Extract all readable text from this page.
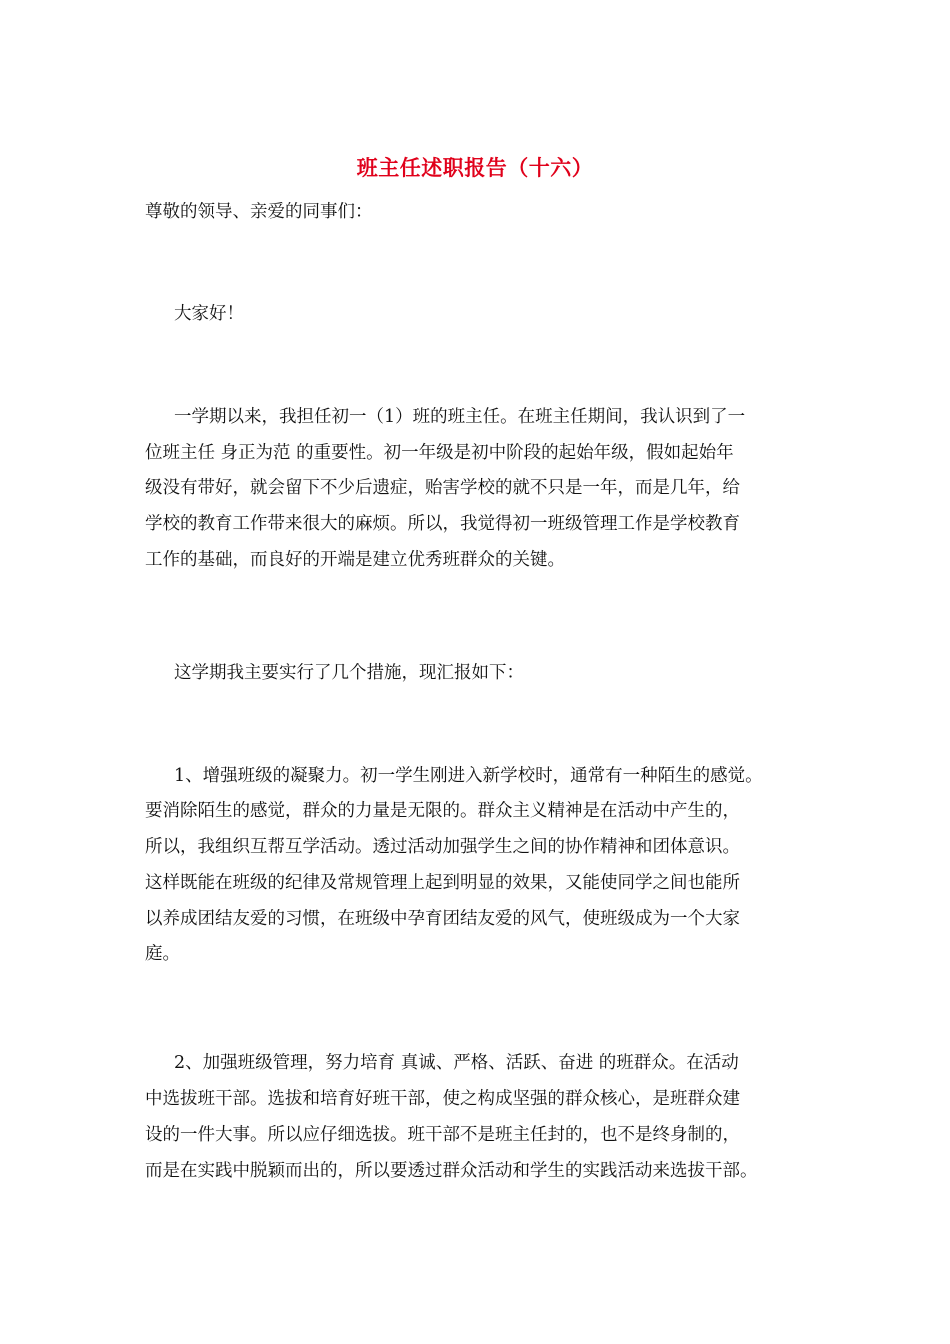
班主任述职报告（十六）
尊敬的领导、亲爱的同事们：
大家好！
一学期以来，我担任初一（1）班的班主任。在班主任期间，我认识到了一
位班主任 身正为范 的重要性。初一年级是初中阶段的起始年级，假如起始年
级没有带好，就会留下不少后遗症，贻害学校的就不只是一年，而是几年，给
学校的教育工作带来很大的麻烦。所以，我觉得初一班级管理工作是学校教育
工作的基础，而良好的开端是建立优秀班群众的关键。
这学期我主要实行了几个措施，现汇报如下：
1、增强班级的凝聚力。初一学生刚进入新学校时，通常有一种陌生的感觉。
要消除陌生的感觉，群众的力量是无限的。群众主义精神是在活动中产生的，
所以，我组织互帮互学活动。透过活动加强学生之间的协作精神和团体意识。
这样既能在班级的纪律及常规管理上起到明显的效果，又能使同学之间也能所
以养成团结友爱的习惯，在班级中孕育团结友爱的风气，使班级成为一个大家
庭。
2、加强班级管理，努力培育 真诚、严格、活跃、奋进 的班群众。在活动
中选拔班干部。选拔和培育好班干部，使之构成坚强的群众核心，是班群众建
设的一件大事。所以应仔细选拔。班干部不是班主任封的，也不是终身制的，
而是在实践中脱颖而出的，所以要透过群众活动和学生的实践活动来选拔干部。
